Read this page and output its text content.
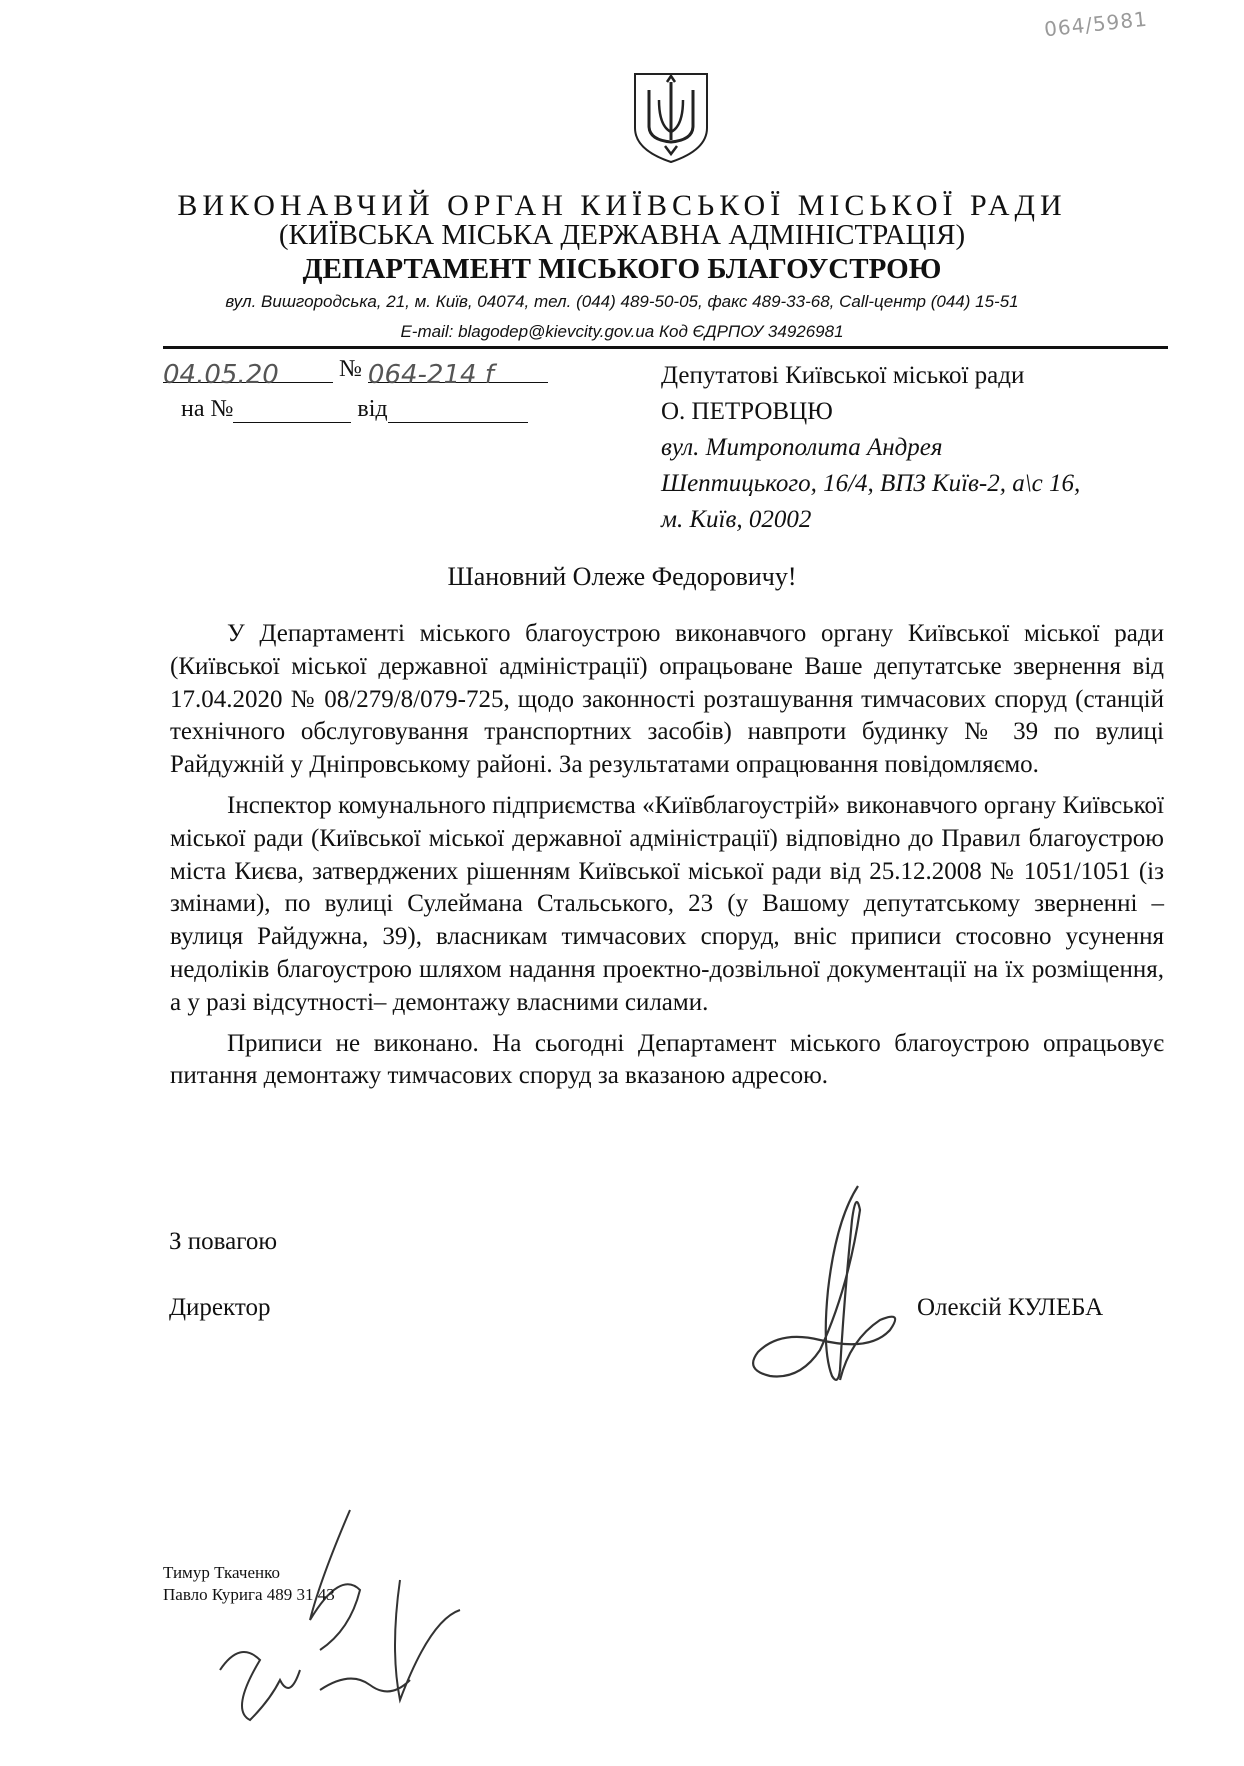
064/5981
ВИКОНАВЧИЙ ОРГАН КИЇВСЬКОЇ МІСЬКОЇ РАДИ
(КИЇВСЬКА МІСЬКА ДЕРЖАВНА АДМІНІСТРАЦІЯ)
ДЕПАРТАМЕНТ МІСЬКОГО БЛАГОУСТРОЮ
вул. Вишгородська, 21, м. Київ, 04074, тел. (044) 489-50-05, факс 489-33-68, Call-центр (044) 15-51
E-mail: blagodep@kievcity.gov.ua Код ЄДРПОУ 34926981
04.05.20	№ 064-214 f
на №	від
Депутатові Київської міської ради
О. ПЕТРОВЦЮ
вул. Митрополита Андрея
Шептицького, 16/4, ВПЗ Київ-2, а\с 16,
м. Київ, 02002
Шановний Олеже Федоровичу!

У Департаменті міського благоустрою виконавчого органу Київської міської ради (Київської міської державної адміністрації) опрацьоване Ваше депутатське звернення від 17.04.2020 № 08/279/8/079-725, щодо законності розташування тимчасових споруд (станцій технічного обслуговування транспортних засобів) навпроти будинку № 39 по вулиці Райдужній у Дніпровському районі. За результатами опрацювання повідомляємо.

Інспектор комунального підприємства «Київблагоустрій» виконавчого органу Київської міської ради (Київської міської державної адміністрації) відповідно до Правил благоустрою міста Києва, затверджених рішенням Київської міської ради від 25.12.2008 № 1051/1051 (із змінами), по вулиці Сулеймана Стальського, 23 (у Вашому депутатському зверненні – вулиця Райдужна, 39), власникам тимчасових споруд, вніс приписи стосовно усунення недоліків благоустрою шляхом надання проектно-дозвільної документації на їх розміщення, а у разі відсутності– демонтажу власними силами.

Приписи не виконано. На сьогодні Департамент міського благоустрою опрацьовує питання демонтажу тимчасових споруд за вказаною адресою.

З повагою
Директор	Олексій КУЛЕБА
Тимур Ткаченко
Павло Курига 489 31 43
